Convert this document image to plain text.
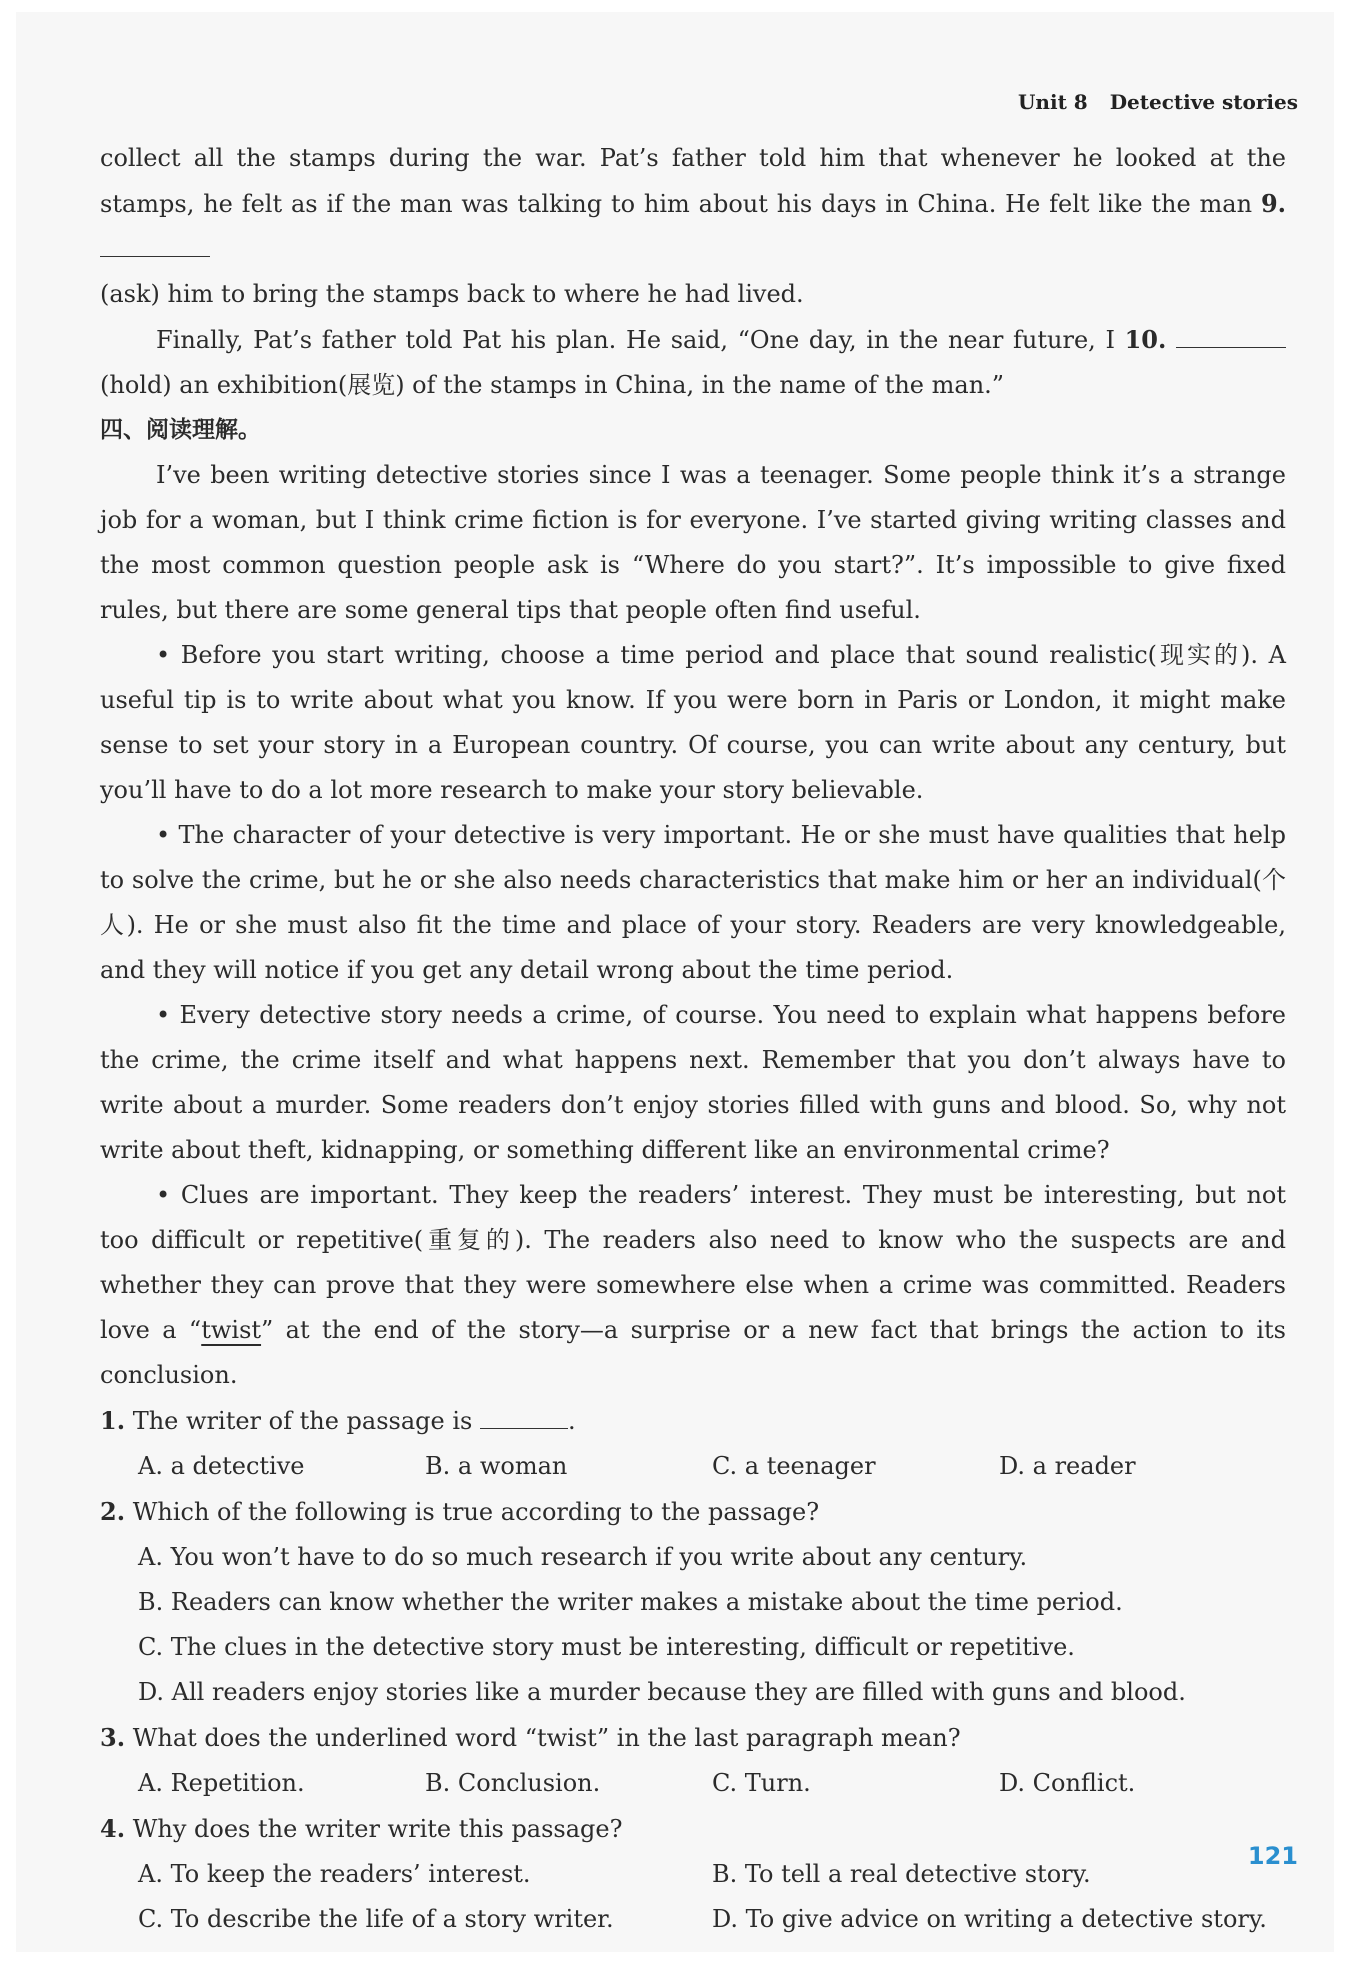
Unit 8 Detective stories

collect all the stamps during the war. Pat’s father told him that whenever he looked at the stamps, he felt as if the man was talking to him about his days in China. He felt like the man 9.
(ask) him to bring the stamps back to where he had lived.

Finally, Pat’s father told Pat his plan. He said, “One day, in the near future, I 10.  (hold) an exhibition(展览) of the stamps in China, in the name of the man.”

四、阅读理解。

I’ve been writing detective stories since I was a teenager. Some people think it’s a strange job for a woman, but I think crime fiction is for everyone. I’ve started giving writing classes and the most common question people ask is “Where do you start?”. It’s impossible to give fixed rules, but there are some general tips that people often find useful.

• Before you start writing, choose a time period and place that sound realistic(现实的). A useful tip is to write about what you know. If you were born in Paris or London, it might make sense to set your story in a European country. Of course, you can write about any century, but you’ll have to do a lot more research to make your story believable.

• The character of your detective is very important. He or she must have qualities that help to solve the crime, but he or she also needs characteristics that make him or her an individual(个人). He or she must also fit the time and place of your story. Readers are very knowledgeable, and they will notice if you get any detail wrong about the time period.

• Every detective story needs a crime, of course. You need to explain what happens before the crime, the crime itself and what happens next. Remember that you don’t always have to write about a murder. Some readers don’t enjoy stories filled with guns and blood. So, why not write about theft, kidnapping, or something different like an environmental crime?

• Clues are important. They keep the readers’ interest. They must be interesting, but not too difficult or repetitive(重复的). The readers also need to know who the suspects are and whether they can prove that they were somewhere else when a crime was committed. Readers love a “twist” at the end of the story—a surprise or a new fact that brings the action to its conclusion.

1. The writer of the passage is	.

A. a detective	B. a woman	C. a teenager	D. a reader

2. Which of the following is true according to the passage?

A. You won’t have to do so much research if you write about any century.
B. Readers can know whether the writer makes a mistake about the time period.
C. The clues in the detective story must be interesting, difficult or repetitive.
D. All readers enjoy stories like a murder because they are filled with guns and blood.

3. What does the underlined word “twist” in the last paragraph mean?

A. Repetition.	B. Conclusion.	C. Turn.	D. Conflict.

4. Why does the writer write this passage?

A. To keep the readers’ interest.	B. To tell a real detective story.
C. To describe the life of a story writer.	D. To give advice on writing a detective story.
121
